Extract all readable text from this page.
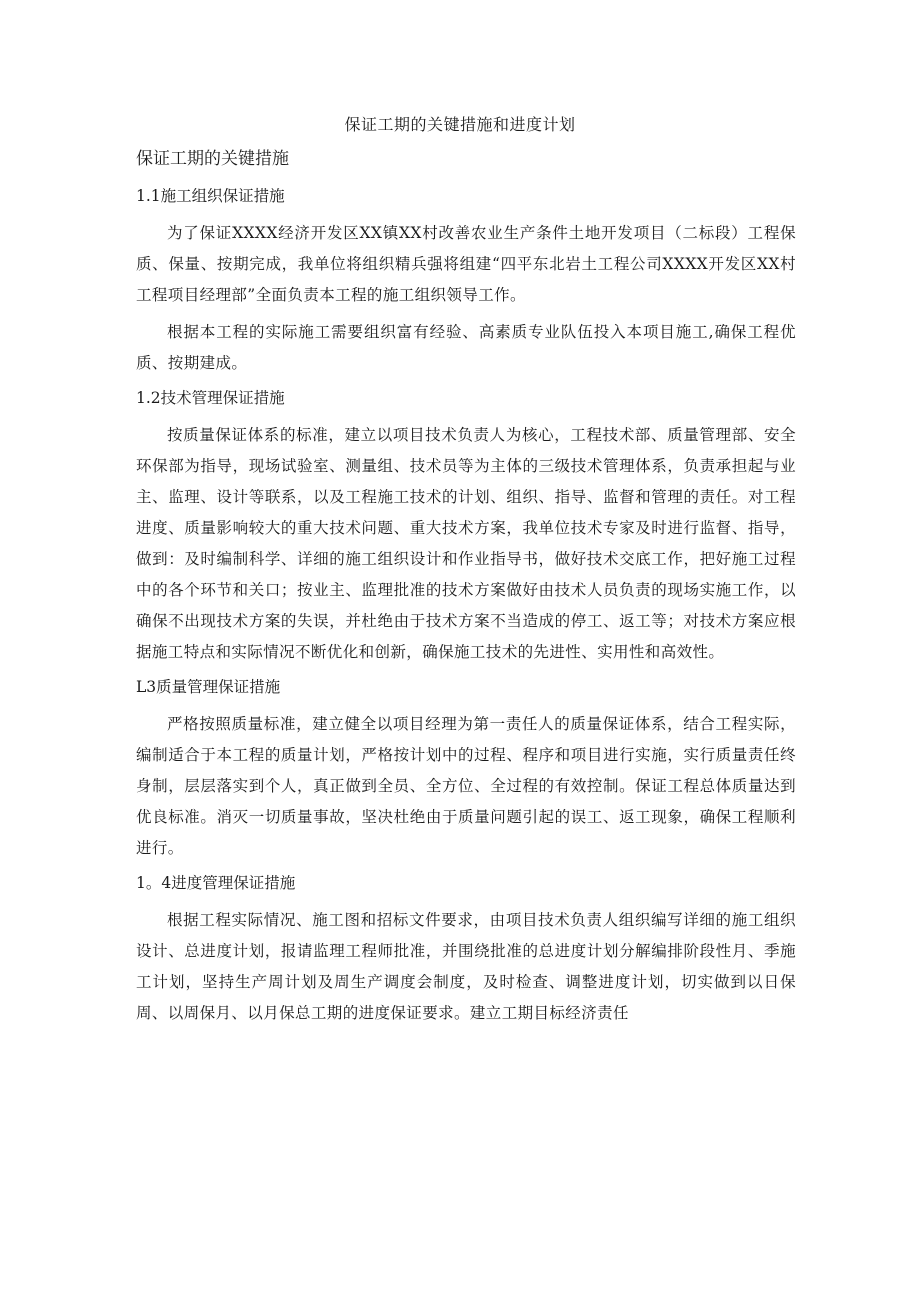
保证工期的关键措施和进度计划
保证工期的关键措施
1.1施工组织保证措施

为了保证XXXX经济开发区XX镇XX村改善农业生产条件土地开发项目（二标段）工程保质、保量、按期完成，我单位将组织精兵强将组建“四平东北岩土工程公司XXXX开发区XX村工程项目经理部”全面负责本工程的施工组织领导工作。

根据本工程的实际施工需要组织富有经验、高素质专业队伍投入本项目施工,确保工程优质、按期建成。

1.2技术管理保证措施

按质量保证体系的标准，建立以项目技术负责人为核心，工程技术部、质量管理部、安全环保部为指导，现场试验室、测量组、技术员等为主体的三级技术管理体系，负责承担起与业主、监理、设计等联系，以及工程施工技术的计划、组织、指导、监督和管理的责任。对工程进度、质量影响较大的重大技术问题、重大技术方案，我单位技术专家及时进行监督、指导，做到：及时编制科学、详细的施工组织设计和作业指导书，做好技术交底工作，把好施工过程中的各个环节和关口；按业主、监理批准的技术方案做好由技术人员负责的现场实施工作，以确保不出现技术方案的失误，并杜绝由于技术方案不当造成的停工、返工等；对技术方案应根据施工特点和实际情况不断优化和创新，确保施工技术的先进性、实用性和高效性。

L3质量管理保证措施

严格按照质量标准，建立健全以项目经理为第一责任人的质量保证体系，结合工程实际，编制适合于本工程的质量计划，严格按计划中的过程、程序和项目进行实施，实行质量责任终身制，层层落实到个人，真正做到全员、全方位、全过程的有效控制。保证工程总体质量达到优良标准。消灭一切质量事故，坚决杜绝由于质量问题引起的误工、返工现象，确保工程顺利进行。

1。4进度管理保证措施

根据工程实际情况、施工图和招标文件要求，由项目技术负责人组织编写详细的施工组织设计、总进度计划，报请监理工程师批准，并围绕批准的总进度计划分解编排阶段性月、季施工计划，坚持生产周计划及周生产调度会制度，及时检查、调整进度计划，切实做到以日保周、以周保月、以月保总工期的进度保证要求。建立工期目标经济责任
